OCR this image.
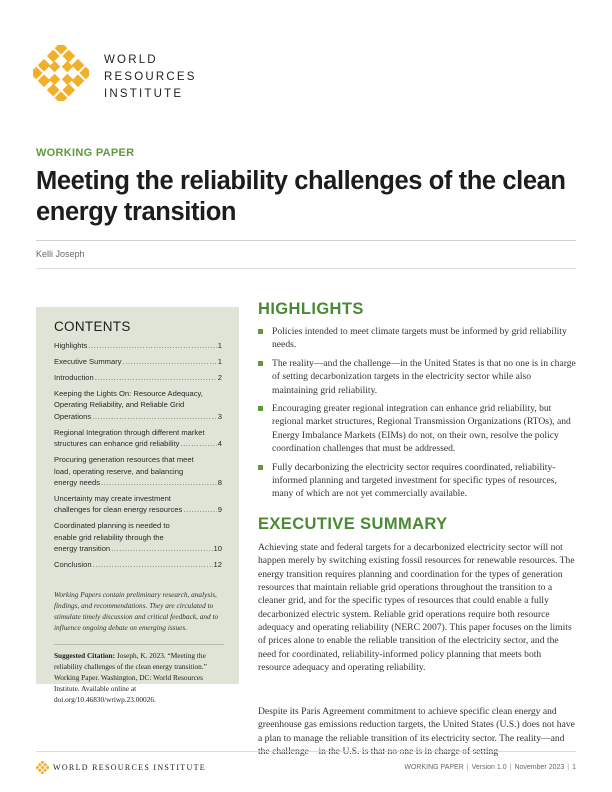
WORLD
RESOURCES
INSTITUTE
WORKING PAPER
Meeting the reliability challenges of the clean energy transition
Kelli Joseph
CONTENTS
Highlights .....	1
Executive Summary .....	1
Introduction .....	2
Keeping the Lights On: Resource Adequacy,
Operating Reliability, and Reliable Grid
Operations .....	3
Regional Integration through different market
structures can enhance grid reliability .....	4
Procuring generation resources that meet
load, operating reserve, and balancing
energy needs .....	8
Uncertainty may create investment
challenges for clean energy resources .....	9
Coordinated planning is needed to
enable grid reliability through the
energy transition .....	10
Conclusion .....	12
Working Papers contain preliminary research, analysis, findings, and recommendations. They are circulated to stimulate timely discussion and critical feedback, and to influence ongoing debate on emerging issues.
Suggested Citation: Joseph, K. 2023. “Meeting the reliability challenges of the clean energy transition.” Working Paper. Washington, DC: World Resources Institute. Available online at doi.org/10.46830/wriwp.23.00026.
HIGHLIGHTS
Policies intended to meet climate targets must be informed by grid reliability needs.
The reality—and the challenge—in the United States is that no one is in charge of setting decarbonization targets in the electricity sector while also maintaining grid reliability.
Encouraging greater regional integration can enhance grid reliability, but regional market structures, Regional Transmission Organizations (RTOs), and Energy Imbalance Markets (EIMs) do not, on their own, resolve the policy coordination challenges that must be addressed.
Fully decarbonizing the electricity sector requires coordinated, reliability-informed planning and targeted investment for specific types of resources, many of which are not yet commercially available.
EXECUTIVE SUMMARY
Achieving state and federal targets for a decarbonized electricity sector will not happen merely by switching existing fossil resources for renewable resources. The energy transition requires planning and coordination for the types of generation resources that maintain reliable grid operations throughout the transition to a cleaner grid, and for the specific types of resources that could enable a fully decarbonized electric system. Reliable grid operations require both resource adequacy and operating reliability (NERC 2007). This paper focuses on the limits of prices alone to enable the reliable transition of the electricity sector, and the need for coordinated, reliability-informed policy planning that meets both resource adequacy and operating reliability.
Despite its Paris Agreement commitment to achieve specific clean energy and greenhouse gas emissions reduction targets, the United States (U.S.) does not have a plan to manage the reliable transition of its electricity sector. The reality—and
WORLD RESOURCES INSTITUTE	WORKING PAPER | Version 1.0 | November 2023 | 1
